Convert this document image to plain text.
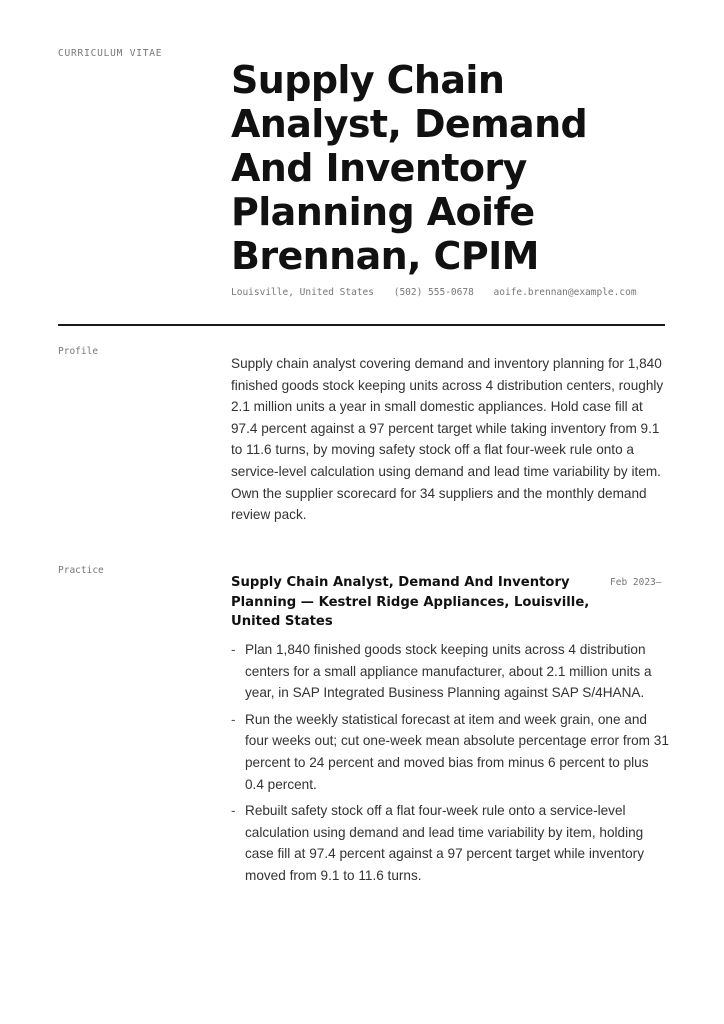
CURRICULUM VITAE
Supply Chain Analyst, Demand And Inventory Planning Aoife Brennan, CPIM
Louisville, United States (502) 555-0678 aoife.brennan@example.com
Profile

Supply chain analyst covering demand and inventory planning for 1,840 finished goods stock keeping units across 4 distribution centers, roughly 2.1 million units a year in small domestic appliances. Hold case fill at 97.4 percent against a 97 percent target while taking inventory from 9.1 to 11.6 turns, by moving safety stock off a flat four-week rule onto a service-level calculation using demand and lead time variability by item. Own the supplier scorecard for 34 suppliers and the monthly demand review pack.

Practice
Supply Chain Analyst, Demand And Inventory Planning — Kestrel Ridge Appliances, Louisville, United States
Feb 2023–
- Plan 1,840 finished goods stock keeping units across 4 distribution centers for a small appliance manufacturer, about 2.1 million units a year, in SAP Integrated Business Planning against SAP S/4HANA.
- Run the weekly statistical forecast at item and week grain, one and four weeks out; cut one-week mean absolute percentage error from 31 percent to 24 percent and moved bias from minus 6 percent to plus 0.4 percent.
- Rebuilt safety stock off a flat four-week rule onto a service-level calculation using demand and lead time variability by item, holding case fill at 97.4 percent against a 97 percent target while inventory moved from 9.1 to 11.6 turns.
